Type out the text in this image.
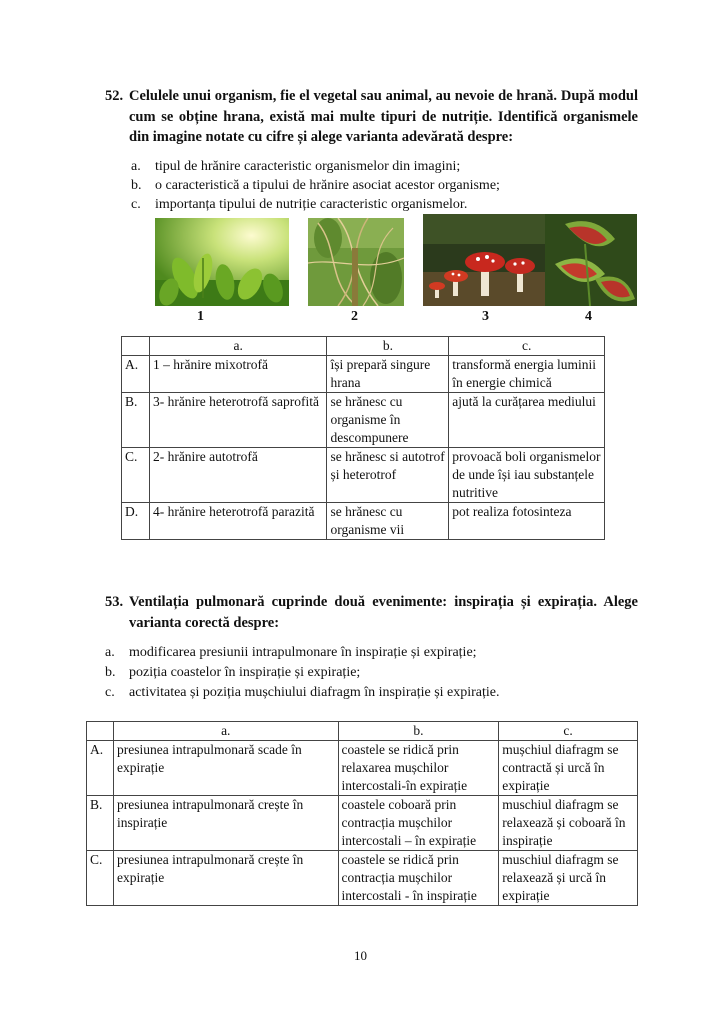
52. Celulele unui organism, fie el vegetal sau animal, au nevoie de hrană. După modul cum se obține hrana, există mai multe tipuri de nutriție. Identifică organismele din imagine notate cu cifre și alege varianta adevărată despre:
a. tipul de hrănire caracteristic organismelor din imagini;
b. o caracteristică a tipului de hrănire asociat acestor organisme;
c. importanța tipului de nutriție caracteristic organismelor.
1	2	3	4
	a.	b.	c.
A.	1 – hrănire mixotrofă	își prepară singure hrana	transformă energia luminii în energie chimică
B.	3- hrănire heterotrofă saprofită	se hrănesc cu organisme în descompunere	ajută la curățarea mediului
C.	2- hrănire autotrofă	se hrănesc si autotrof și heterotrof	provoacă boli organismelor de unde își iau substanțele nutritive
D.	4- hrănire heterotrofă parazită	se hrănesc cu organisme vii	pot realiza fotosinteza
53. Ventilația pulmonară cuprinde două evenimente: inspirația și expirația. Alege varianta corectă despre:
a. modificarea presiunii intrapulmonare în inspirație și expirație;
b. poziția coastelor în inspirație și expirație;
c. activitatea și poziția mușchiului diafragm în inspirație și expirație.
	a.	b.	c.
A.	presiunea intrapulmonară scade în expirație	coastele se ridică prin relaxarea mușchilor intercostali-în expirație	mușchiul diafragm se contractă și urcă în expirație
B.	presiunea intrapulmonară crește în inspirație	coastele coboară prin contracția mușchilor intercostali – în expirație	muschiul diafragm se relaxează și coboară în inspirație
C.	presiunea intrapulmonară crește în expirație	coastele se ridică prin contracția mușchilor intercostali - în inspirație	muschiul diafragm se relaxează și urcă în expirație
10
